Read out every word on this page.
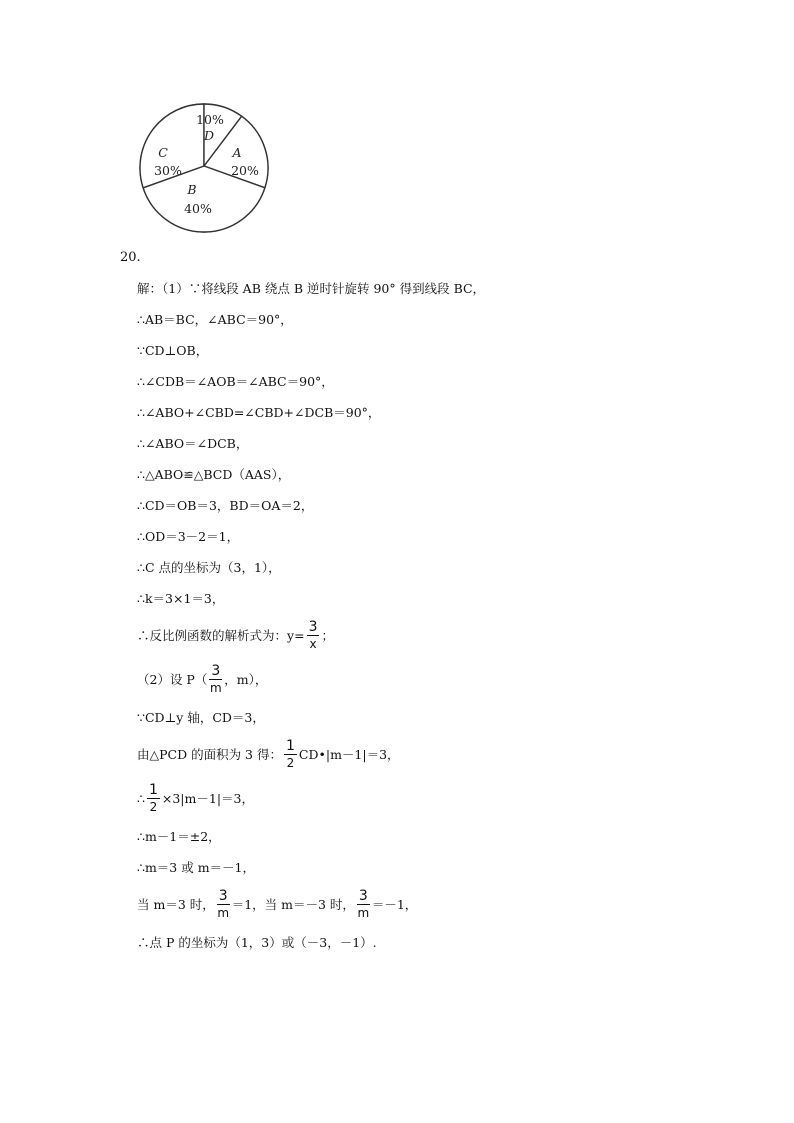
A
20%
B
40%
C
30%
D
10%
20.
解：（1）∵将线段 AB 绕点 B 逆时针旋转 90° 得到线段 BC，
∴AB＝BC，∠ABC＝90°，
∵CD⊥OB，
∴∠CDB＝∠AOB＝∠ABC＝90°，
∴∠ABO+∠CBD=∠CBD+∠DCB＝90°，
∴∠ABO＝∠DCB，
∴△ABO≌△BCD（AAS），
∴CD＝OB＝3，BD＝OA＝2，
∴OD＝3－2＝1，
∴C 点的坐标为（3，1），
∴k＝3×1＝3，
∴反比例函数的解析式为： $y= \frac{3}{x}$ ；
（2）设 $P( \frac{3}{m}$ ，m），
∵CD⊥y 轴，CD＝3，
由△PCD 的面积为 3 得： $\frac{1}{2}$ CD•|m－1|＝3，
∴ $\frac{1}{2} \times 3|m-1|=3$，
∴m－1＝±2，
∴m＝3 或 m＝－1，
当 m＝3 时， $\frac{3}{m} =1$，当 m＝－3 时， $\frac{3}{m} =-1$，
∴点 P 的坐标为（1，3）或（－3，－1）.
